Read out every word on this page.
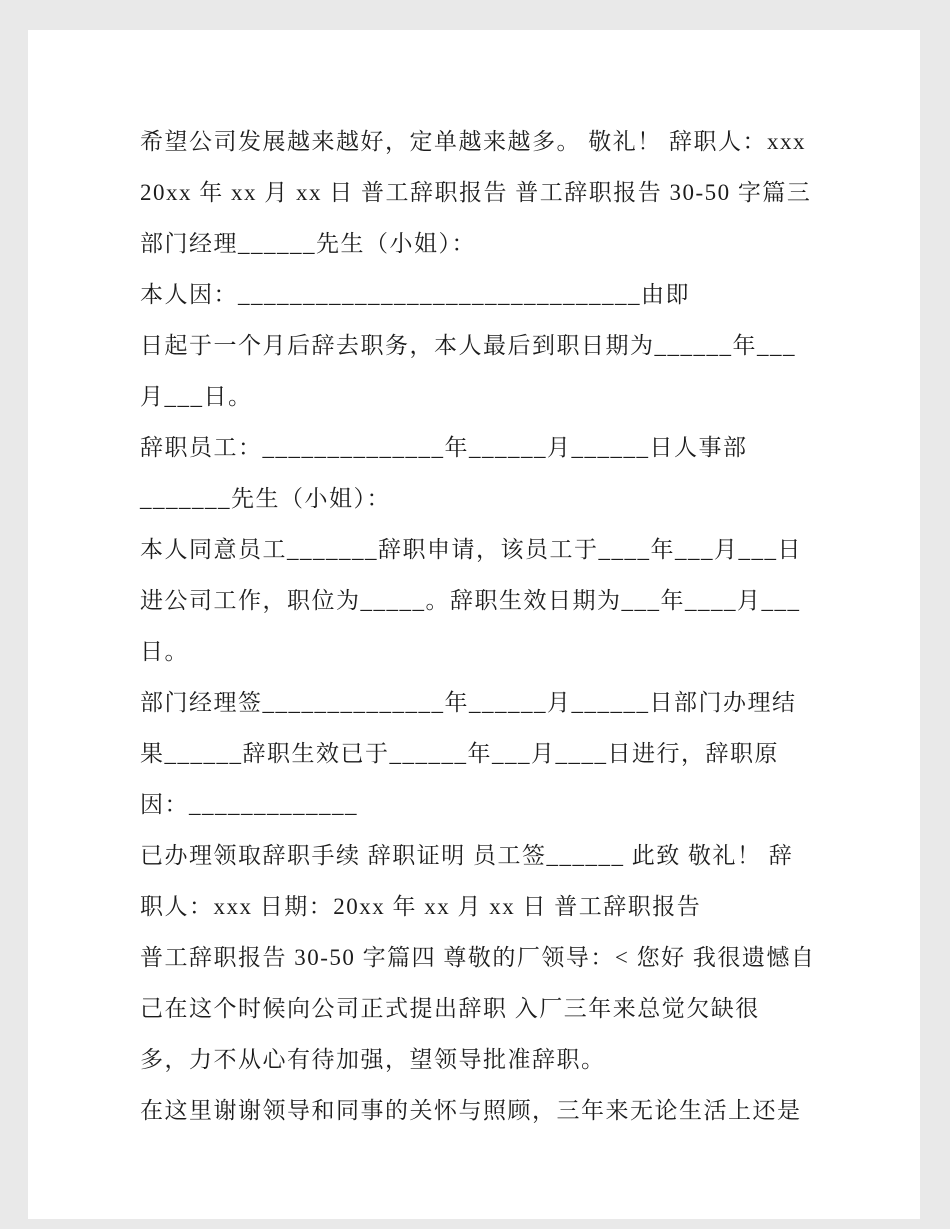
希望公司发展越来越好，定单越来越多。 敬礼！ 辞职人：xxx

20xx 年 xx 月 xx 日 普工辞职报告 普工辞职报告 30-50 字篇三

部门经理______先生（小姐）：

本人因：_______________________________由即

日起于一个月后辞去职务，本人最后到职日期为______年___

月___日。

辞职员工：______________年______月______日人事部

_______先生（小姐）：

本人同意员工_______辞职申请，该员工于____年___月___日

进公司工作，职位为_____。辞职生效日期为___年____月___

日。

部门经理签______________年______月______日部门办理结

果______辞职生效已于______年___月____日进行，辞职原

因：_____________

已办理领取辞职手续 辞职证明 员工签______ 此致 敬礼！ 辞

职人：xxx 日期：20xx 年 xx 月 xx 日 普工辞职报告

普工辞职报告 30-50 字篇四 尊敬的厂领导：< 您好 我很遗憾自

己在这个时候向公司正式提出辞职 入厂三年来总觉欠缺很

多，力不从心有待加强，望领导批准辞职。

在这里谢谢领导和同事的关怀与照顾，三年来无论生活上还是
